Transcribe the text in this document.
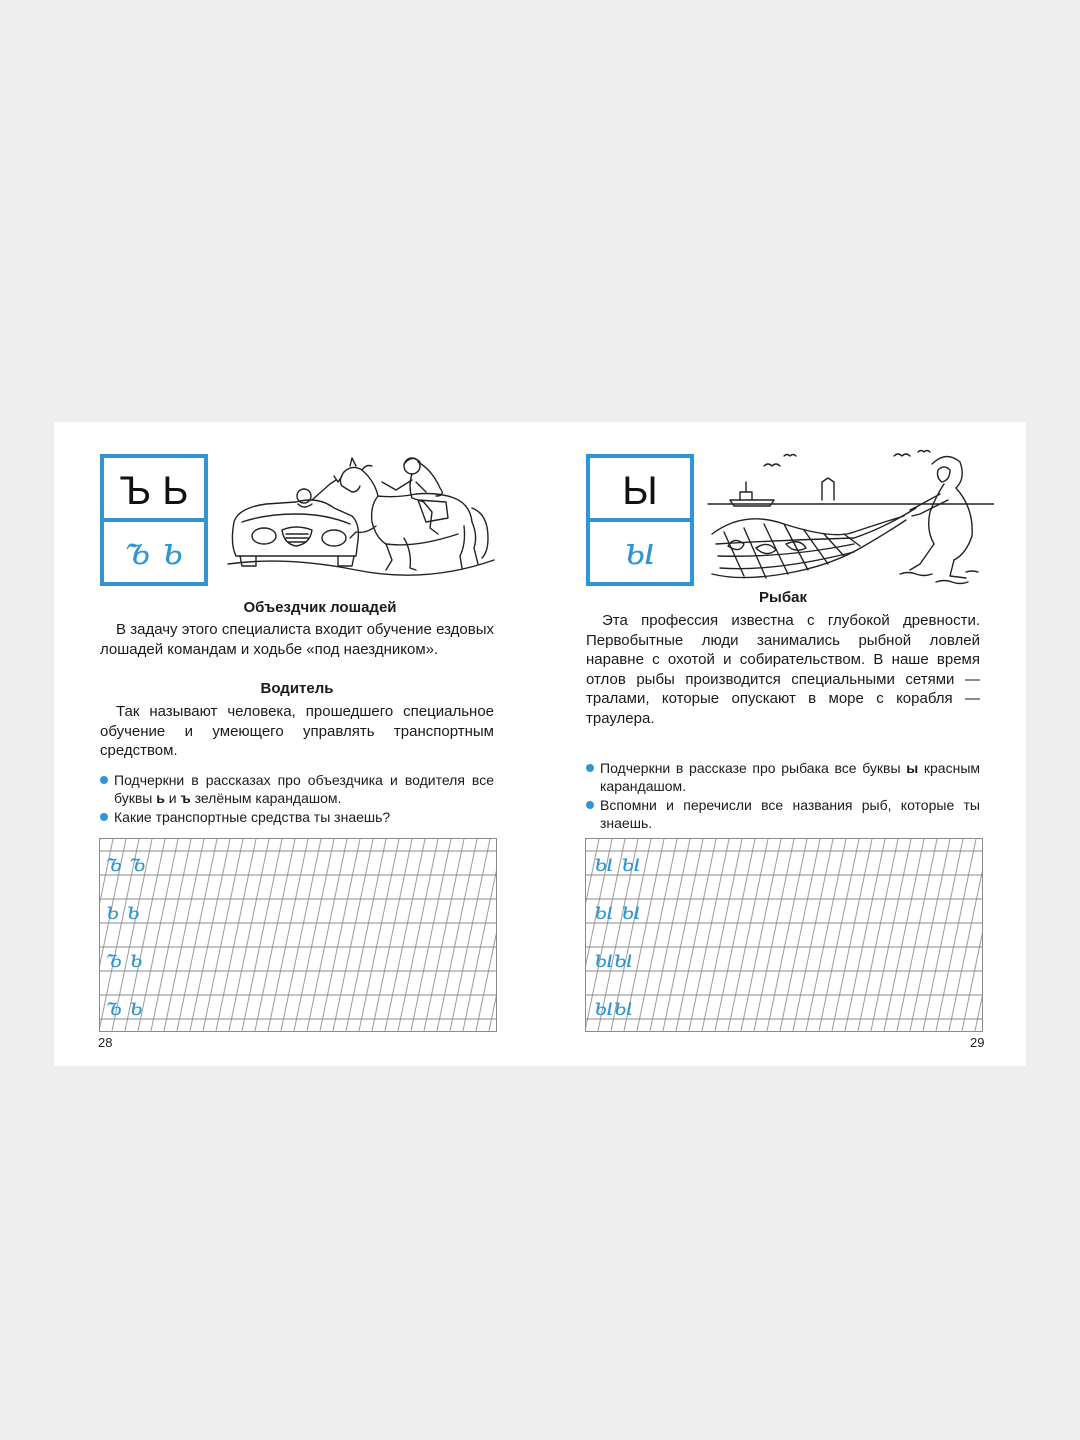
Ъ Ь
ъ ь
Объездчик лошадей
В задачу этого специалиста входит обучение ездовых лошадей командам и ходьбе «под наездником».
Водитель
Так называют человека, прошедшего специальное обучение и умеющего управлять транспортным средством.
Подчеркни в рассказах про объездчика и водителя все буквы ь и ъ зелёным карандашом.
Какие транспортные средства ты знаешь?
ъ ъ
ь ь
ъ ь
ъ ь
28
Ы
ы
Рыбак
Эта профессия известна с глубокой древности. Первобытные люди занимались рыбной ловлей наравне с охотой и собирательством. В наше время отлов рыбы производится специальными сетями — тралами, которые опускают в море с корабля — траулера.
Подчеркни в рассказе про рыбака все буквы ы красным карандашом.
Вспомни и перечисли все названия рыб, которые ты знаешь.
ы ы
ы ы
ыы
ыы
29
